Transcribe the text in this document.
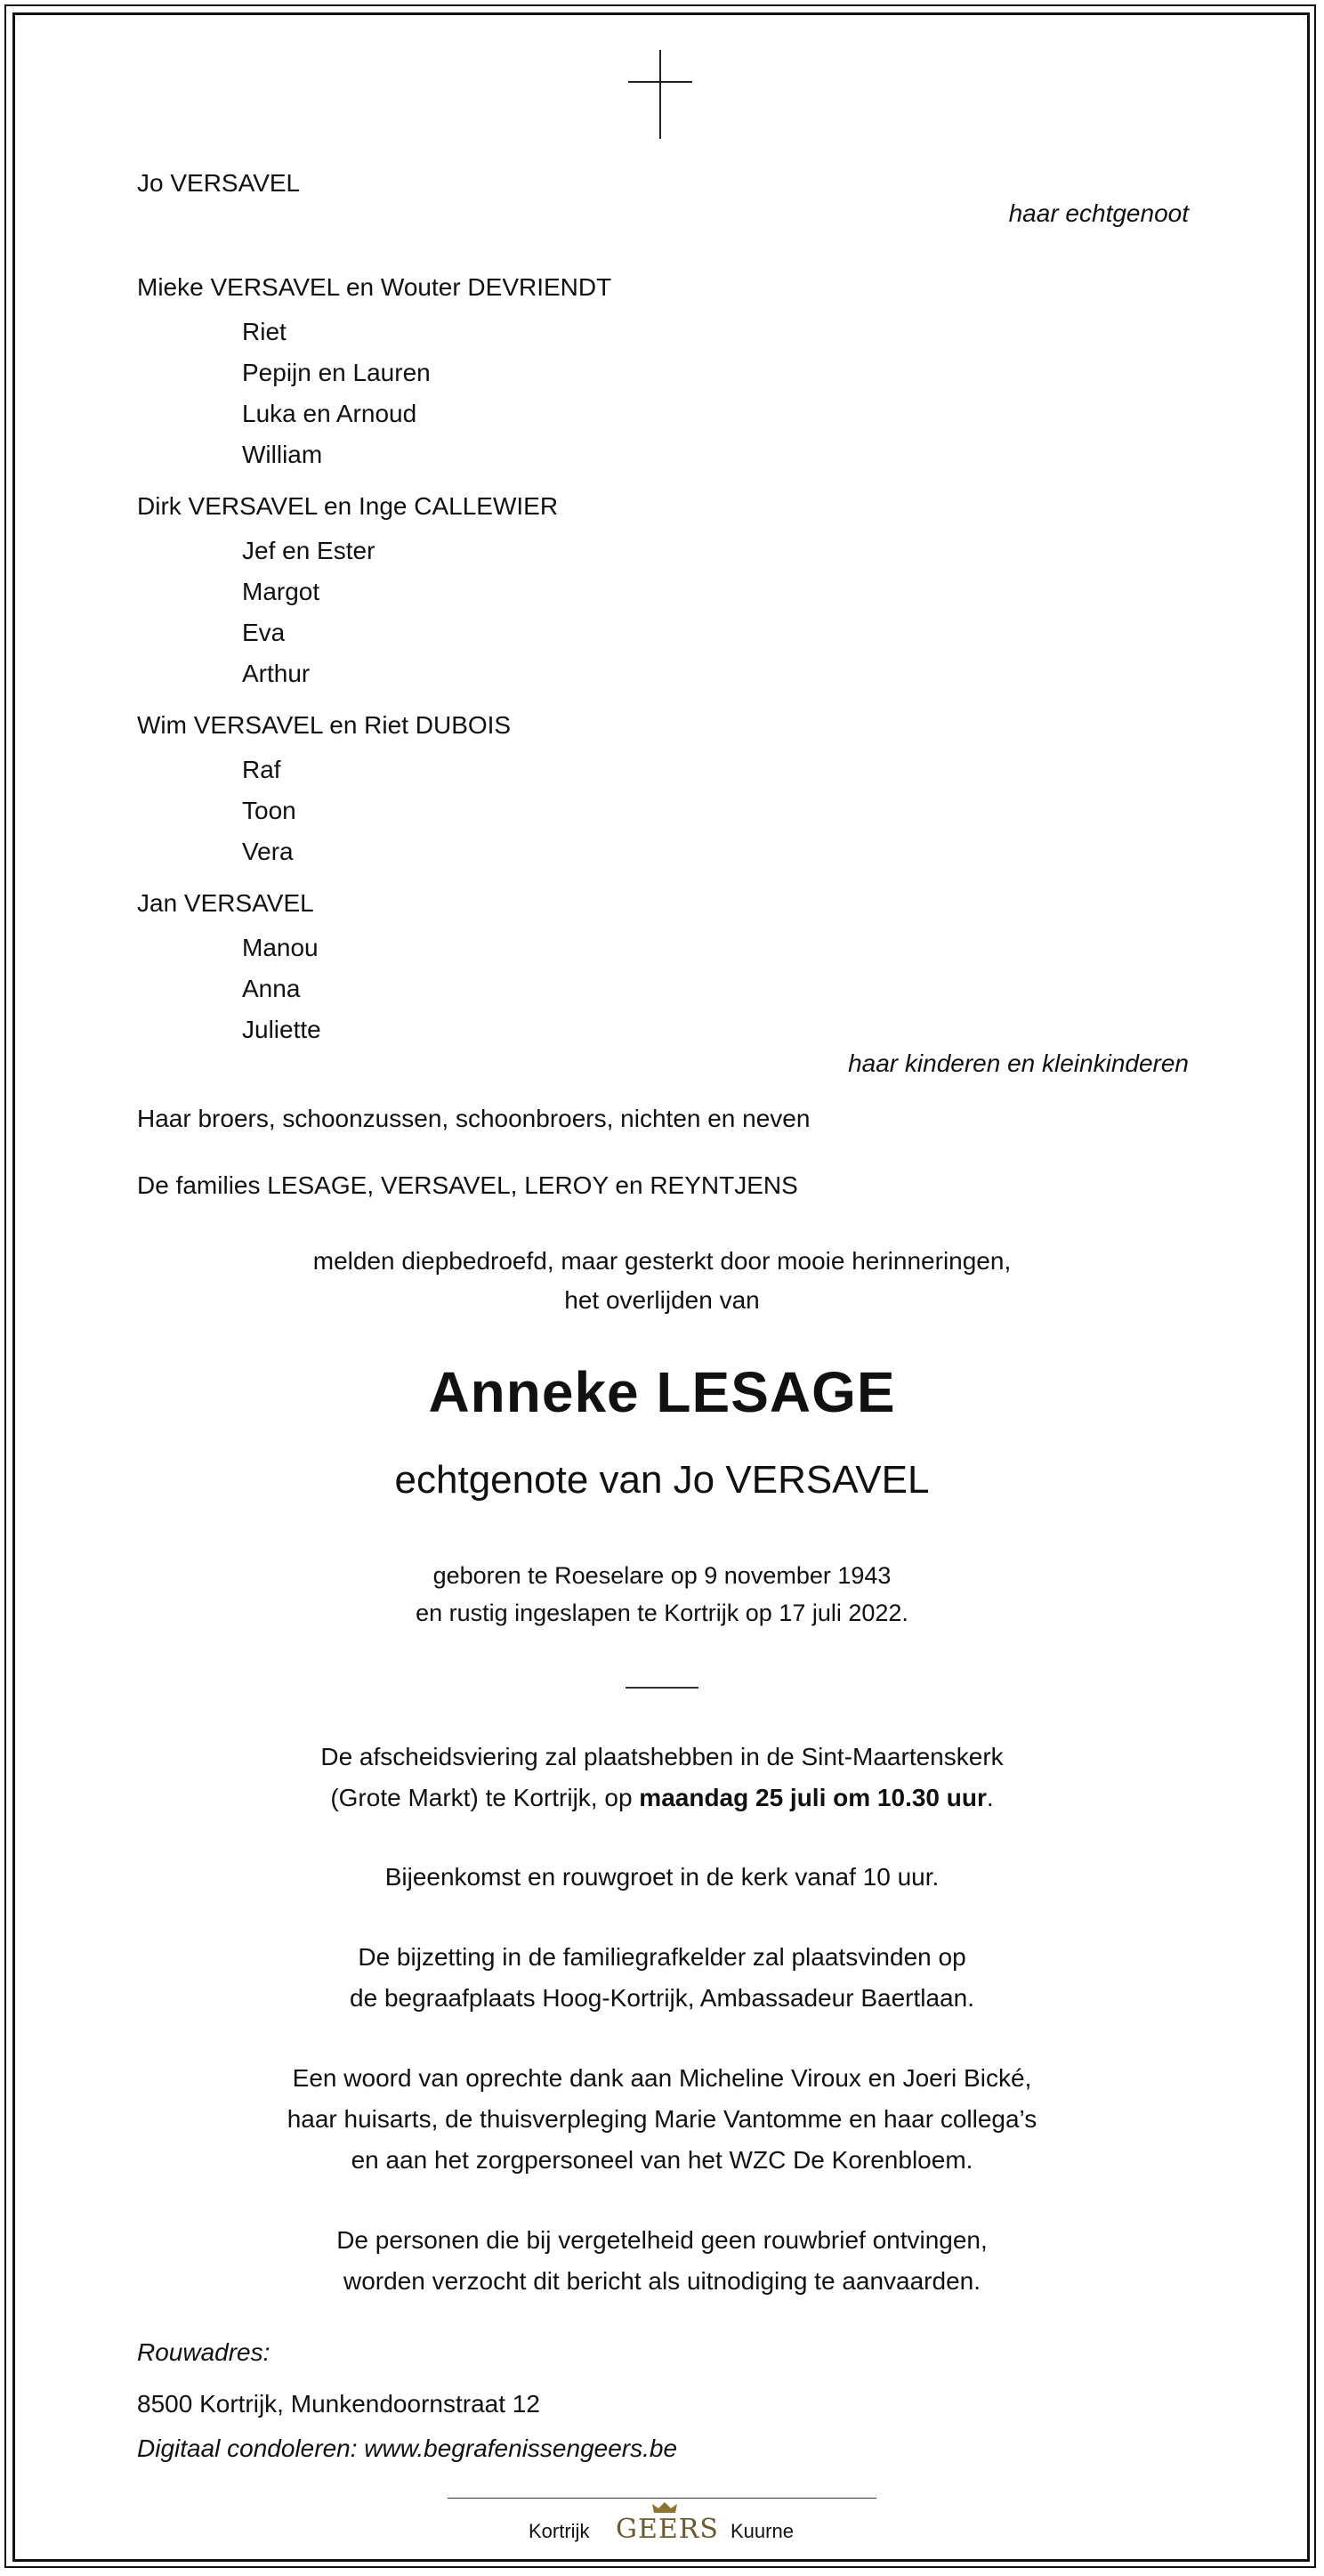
Jo VERSAVEL
haar echtgenoot
Mieke VERSAVEL en Wouter DEVRIENDT
Riet
Pepijn en Lauren
Luka en Arnoud
William
Dirk VERSAVEL en Inge CALLEWIER
Jef en Ester
Margot
Eva
Arthur
Wim VERSAVEL en Riet DUBOIS
Raf
Toon
Vera
Jan VERSAVEL
Manou
Anna
Juliette
haar kinderen en kleinkinderen
Haar broers, schoonzussen, schoonbroers, nichten en neven
De families LESAGE, VERSAVEL, LEROY en REYNTJENS
melden diepbedroefd, maar gesterkt door mooie herinneringen,
het overlijden van
Anneke LESAGE
echtgenote van Jo VERSAVEL
geboren te Roeselare op 9 november 1943
en rustig ingeslapen te Kortrijk op 17 juli 2022.
De afscheidsviering zal plaatshebben in de Sint-Maartenskerk
(Grote Markt) te Kortrijk, op maandag 25 juli om 10.30 uur.
Bijeenkomst en rouwgroet in de kerk vanaf 10 uur.
De bijzetting in de familiegrafkelder zal plaatsvinden op
de begraafplaats Hoog-Kortrijk, Ambassadeur Baertlaan.
Een woord van oprechte dank aan Micheline Viroux en Joeri Bické,
haar huisarts, de thuisverpleging Marie Vantomme en haar collega’s
en aan het zorgpersoneel van het WZC De Korenbloem.
De personen die bij vergetelheid geen rouwbrief ontvingen,
worden verzocht dit bericht als uitnodiging te aanvaarden.
Rouwadres:
8500 Kortrijk, Munkendoornstraat 12
Digitaal condoleren: www.begrafenissengeers.be
Kortrijk GEERS Kuurne
